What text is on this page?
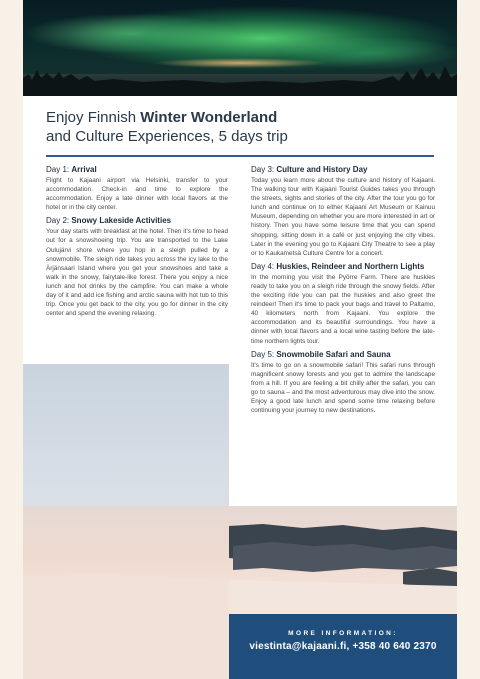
Enjoy Finnish Winter Wonderland
and Culture Experiences, 5 days trip
Day 1: Arrival

Flight to Kajaani airport via Helsinki, transfer to your accommodation. Check-in and time to explore the accommodation. Enjoy a late dinner with local flavors at the hotel or in the city center.

Day 2: Snowy Lakeside Activities

Your day starts with breakfast at the hotel. Then it's time to head out for a snowshoeing trip. You are transported to the Lake Oulujärvi shore where you hop in a sleigh pulled by a snowmobile. The sleigh ride takes you across the icy lake to the Ärjänsaari Island where you get your snowshoes and take a walk in the snowy, fairytale-like forest. There you enjoy a nice lunch and hot drinks by the campfire. You can make a whole day of it and add ice fishing and arctic sauna with hot tub to this trip. Once you get back to the city, you go for dinner in the city center and spend the evening relaxing.

Day 3: Culture and History Day

Today you learn more about the culture and history of Kajaani. The walking tour with Kajaani Tourist Guides takes you through the streets, sights and stories of the city. After the tour you go for lunch and continue on to either Kajaani Art Museum or Kainuu Museum, depending on whether you are more interested in art or history. Then you have some leisure time that you can spend shopping, sitting down in a café or just enjoying the city vibes. Later in the evening you go to Kajaani City Theatre to see a play or to Kaukametsä Culture Centre for a concert.

Day 4: Huskies, Reindeer and Northern Lights

In the morning you visit the Pyörre Farm. There are huskies ready to take you on a sleigh ride through the snowy fields. After the exciting ride you can pat the huskies and also greet the reindeer! Then it's time to pack your bags and travel to Paltamo, 40 kilometers north from Kajaani. You explore the accommodation and its beautiful surroundings. You have a dinner with local flavors and a local wine tasting before the late-time northern lights tour.

Day 5: Snowmobile Safari and Sauna

It's time to go on a snowmobile safari! This safari runs through magnificent snowy forests and you get to admire the landscape from a hill. If you are feeling a bit chilly after the safari, you can go to sauna – and the most adventurous may dive into the snow. Enjoy a good late lunch and spend some time relaxing before continuing your journey to new destinations.

MORE INFORMATION:
viestinta@kajaani.fi, +358 40 640 2370
